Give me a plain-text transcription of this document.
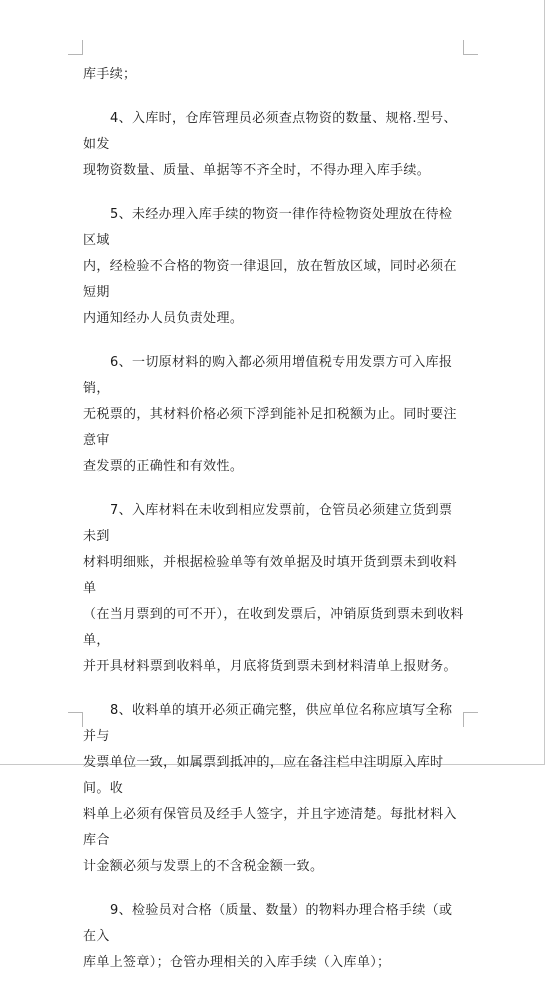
库手续；
4、入库时，仓库管理员必须查点物资的数量、规格.型号、如发
现物资数量、质量、单据等不齐全时，不得办理入库手续。
5、未经办理入库手续的物资一律作待检物资处理放在待检区域
内，经检验不合格的物资一律退回，放在暂放区域，同时必须在短期
内通知经办人员负责处理。
6、一切原材料的购入都必须用增值税专用发票方可入库报销，
无税票的，其材料价格必须下浮到能补足扣税额为止。同时要注意审
查发票的正确性和有效性。
7、入库材料在未收到相应发票前，仓管员必须建立货到票未到
材料明细账，并根据检验单等有效单据及时填开货到票未到收料单
（在当月票到的可不开），在收到发票后，冲销原货到票未到收料单，
并开具材料票到收料单，月底将货到票未到材料清单上报财务。
8、收料单的填开必须正确完整，供应单位名称应填写全称并与
发票单位一致，如属票到抵冲的，应在备注栏中注明原入库时间。收
料单上必须有保管员及经手人签字，并且字迹清楚。每批材料入库合
计金额必须与发票上的不含税金额一致。
9、检验员对合格（质量、数量）的物料办理合格手续（或在入
库单上签章）；仓管办理相关的入库手续（入库单）；
